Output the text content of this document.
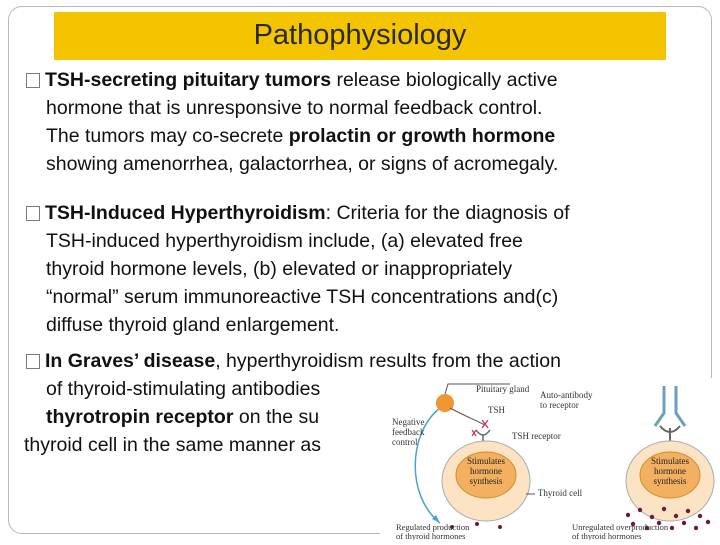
Pathophysiology
TSH-secreting pituitary tumors release biologically active
hormone that is unresponsive to normal feedback control.
The tumors may co-secrete prolactin or growth hormone
showing amenorrhea, galactorrhea, or signs of acromegaly.
TSH-Induced Hyperthyroidism: Criteria for the diagnosis of
TSH-induced hyperthyroidism include, (a) elevated free
thyroid hormone levels, (b) elevated or inappropriately
“normal” serum immunoreactive TSH concentrations and(c)
diffuse thyroid gland enlargement.
In Graves’ disease, hyperthyroidism results from the action
of thyroid-stimulating antibodies
thyrotropin receptor on the su
thyroid cell in the same manner as
Pituitary gland
TSH
Negative
feedback
control
TSH receptor
Stimulates
hormone
synthesis
Thyroid cell
Regulated production
of thyroid hormones
Auto-antibody
to receptor
Stimulates
hormone
synthesis
Unregulated overproduction
of thyroid hormones
